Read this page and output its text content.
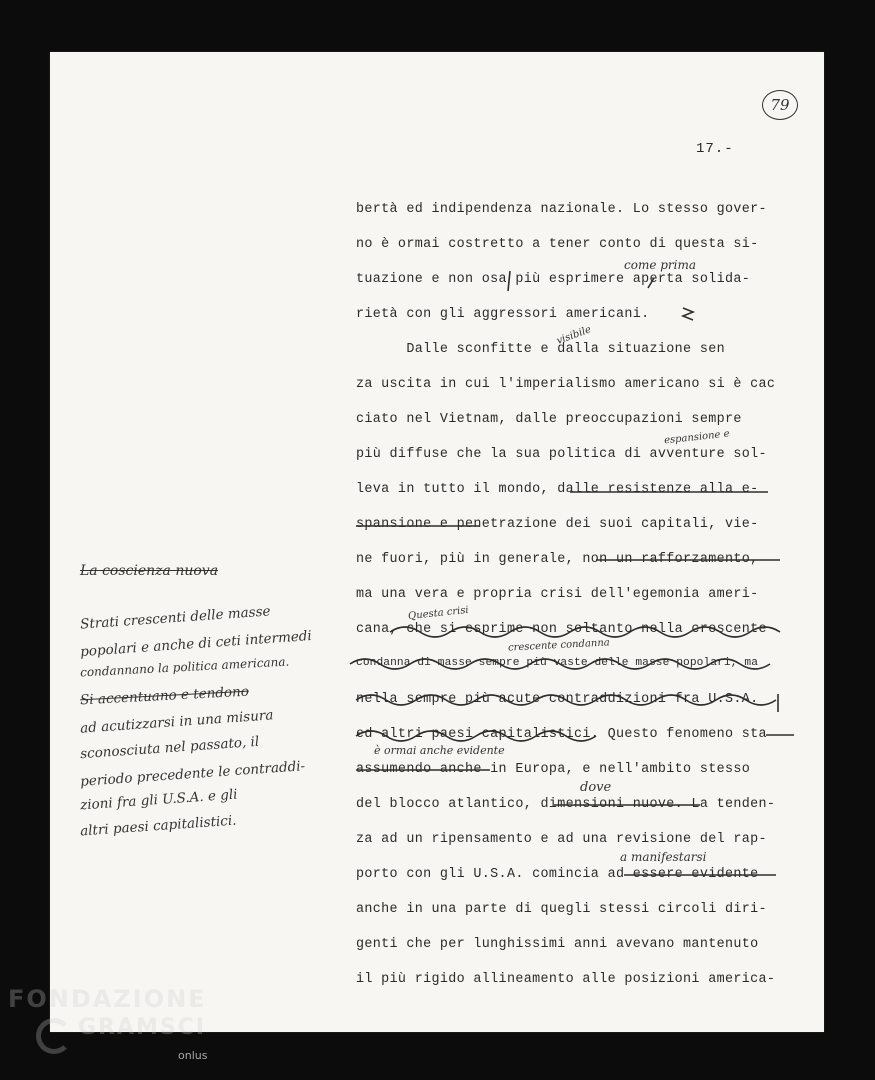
79
17.-
bertà ed indipendenza nazionale. Lo stesso gover-
no è ormai costretto a tener conto di questa si-
tuazione e non osa più esprimere aperta solida-
rietà con gli aggressori americani.
Dalle sconfitte e dalla situazione sen
za uscita in cui l'imperialismo americano si è cac
ciato nel Vietnam, dalle preoccupazioni sempre
più diffuse che la sua politica di avventure sol-
leva in tutto il mondo, dalle resistenze alla e-
spansione e penetrazione dei suoi capitali, vie-
ne fuori, più in generale, non un rafforzamento,
ma una vera e propria crisi dell'egemonia ameri-
cana, che si esprime non soltanto nella crescente
condanna di masse sempre più vaste delle masse popolari, ma
nella sempre più acute contraddizioni fra U.S.A.
ed altri paesi capitalistici. Questo fenomeno sta
assumendo anche in Europa, e nell'ambito stesso
del blocco atlantico, dimensioni nuove. La tenden-
za ad un ripensamento e ad una revisione del rap-
porto con gli U.S.A. comincia ad essere evidente
anche in una parte di quegli stessi circoli diri-
genti che per lunghissimi anni avevano mantenuto
il più rigido allineamento alle posizioni america-
come prima
visibile
espansione e
Questa crisi
crescente condanna
è ormai anche evidente
dove
a manifestarsi
La coscienza nuova
Strati crescenti delle masse
popolari e anche di ceti intermedi
condannano la politica americana.
Si accentuano e tendono
ad acutizzarsi in una misura
sconosciuta nel passato, il
periodo precedente le contraddi-
zioni fra gli U.S.A. e gli
altri paesi capitalistici.
FONDAZIONE
GRAMSCI
onlus
